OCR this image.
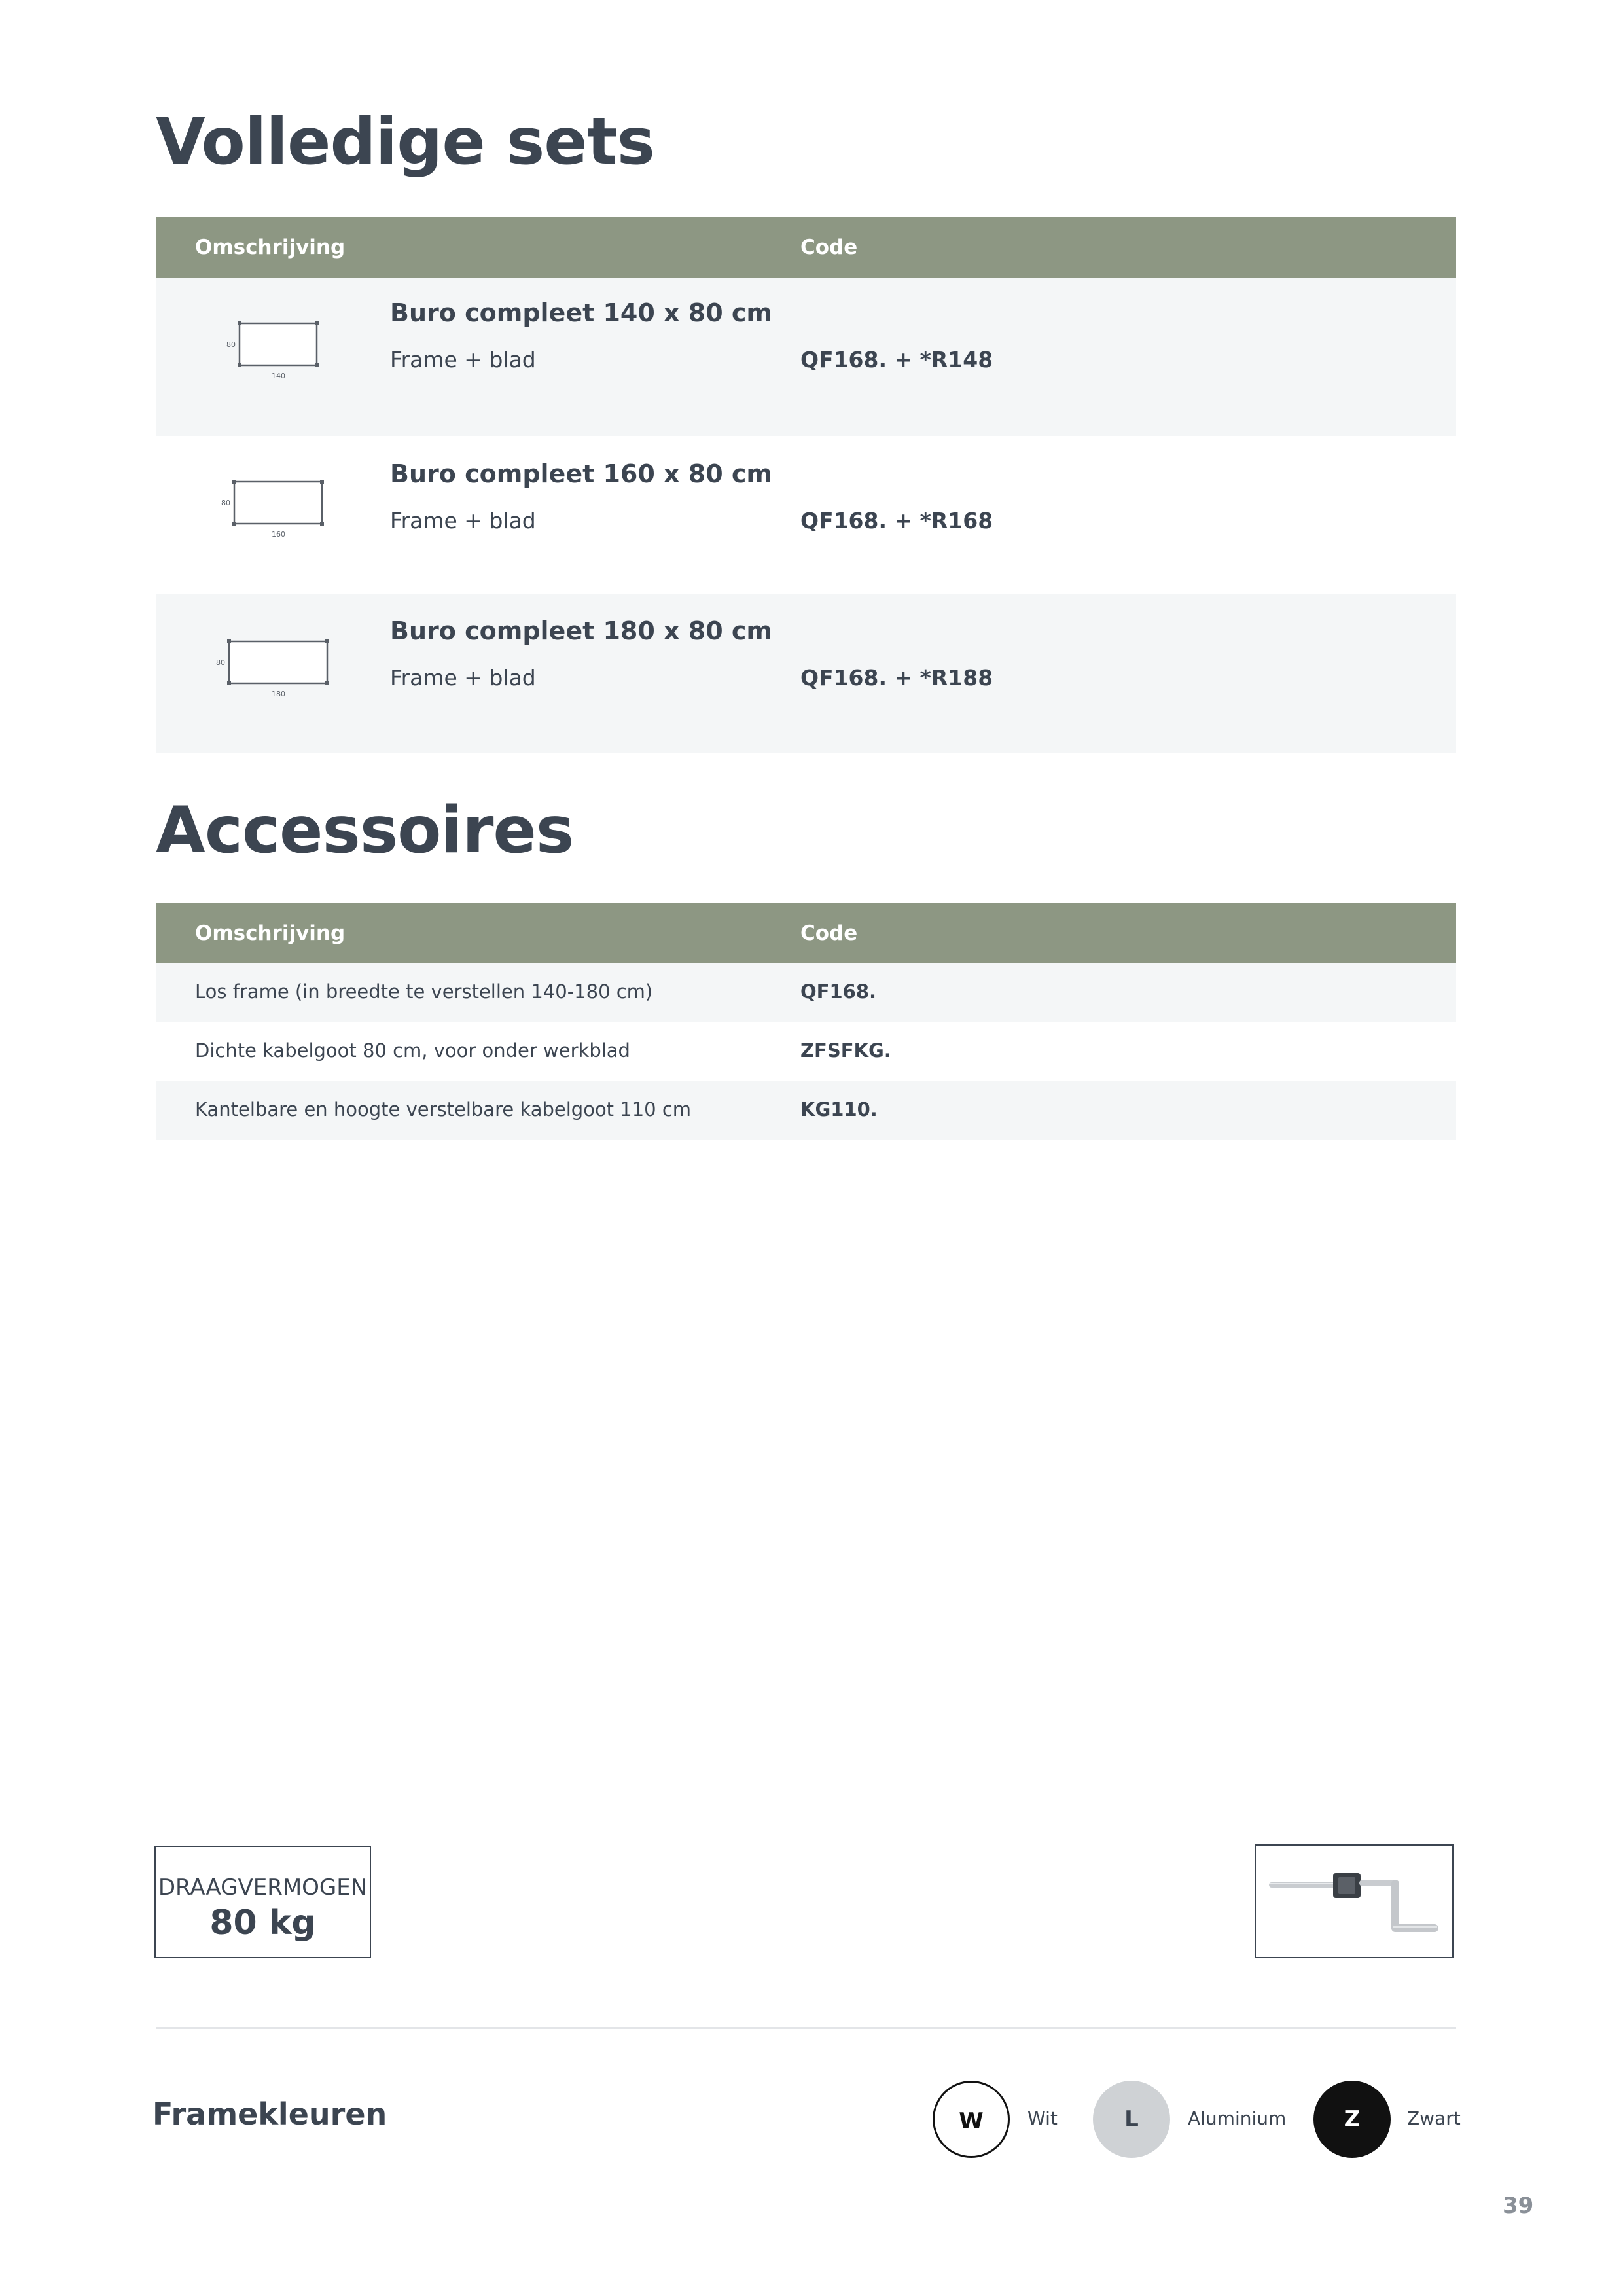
Volledige sets
Omschrijving	Code
80
140
Buro compleet 140 x 80 cm
Frame + blad	QF168. + *R148
80
160
Buro compleet 160 x 80 cm
Frame + blad	QF168. + *R168
80
180
Buro compleet 180 x 80 cm
Frame + blad	QF168. + *R188
Accessoires
Omschrijving	Code
Los frame (in breedte te verstellen 140-180 cm)	QF168.
Dichte kabelgoot 80 cm, voor onder werkblad	ZFSFKG.
Kantelbare en hoogte verstelbare kabelgoot 110 cm	KG110.
DRAAGVERMOGEN
80 kg
Framekleuren	W	Wit	L	Aluminium	Z	Zwart
39
